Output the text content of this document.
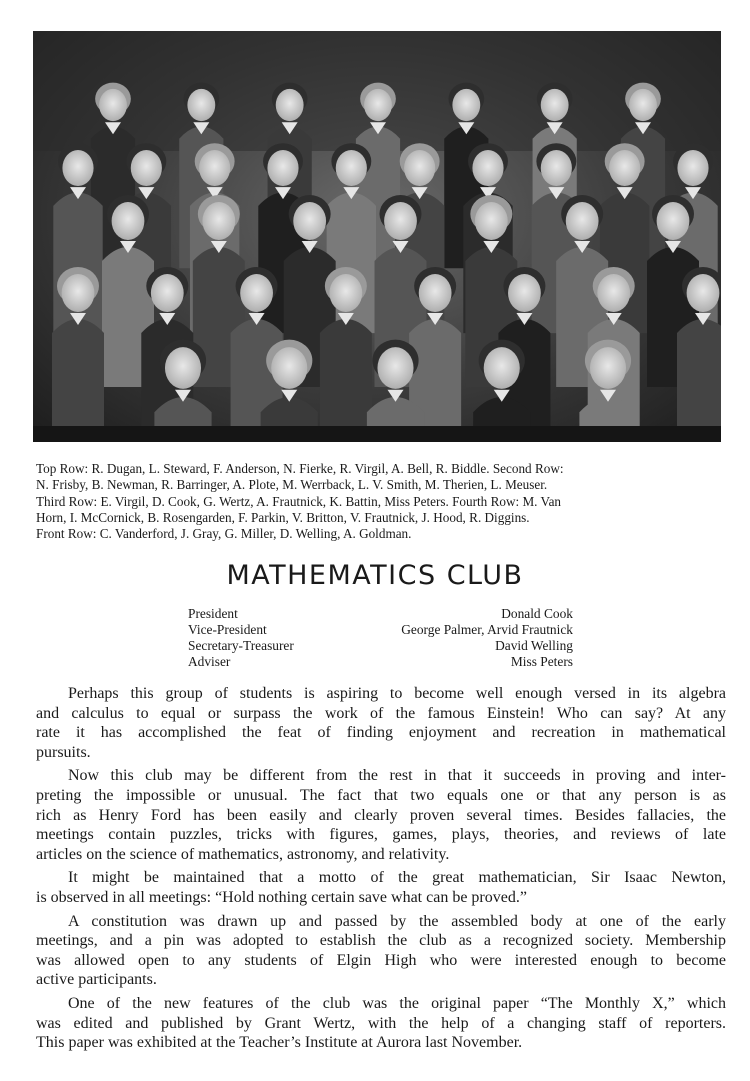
Top Row: R. Dugan, L. Steward, F. Anderson, N. Fierke, R. Virgil, A. Bell, R. Biddle. Second Row:
N. Frisby, B. Newman, R. Barringer, A. Plote, M. Werrback, L. V. Smith, M. Therien, L. Meuser.
Third Row: E. Virgil, D. Cook, G. Wertz, A. Frautnick, K. Battin, Miss Peters. Fourth Row: M. Van
Horn, I. McCornick, B. Rosengarden, F. Parkin, V. Britton, V. Frautnick, J. Hood, R. Diggins.
Front Row: C. Vanderford, J. Gray, G. Miller, D. Welling, A. Goldman.
MATHEMATICS CLUB
President	Donald Cook
Vice-President	George Palmer, Arvid Frautnick
Secretary-Treasurer	David Welling
Adviser	Miss Peters

Perhaps this group of students is aspiring to become well enough versed in its algebra
and calculus to equal or surpass the work of the famous Einstein! Who can say? At any
rate it has accomplished the feat of finding enjoyment and recreation in mathematical
pursuits.

Now this club may be different from the rest in that it succeeds in proving and inter-
preting the impossible or unusual. The fact that two equals one or that any person is as
rich as Henry Ford has been easily and clearly proven several times. Besides fallacies, the
meetings contain puzzles, tricks with figures, games, plays, theories, and reviews of late
articles on the science of mathematics, astronomy, and relativity.

It might be maintained that a motto of the great mathematician, Sir Isaac Newton,
is observed in all meetings: “Hold nothing certain save what can be proved.”

A constitution was drawn up and passed by the assembled body at one of the early
meetings, and a pin was adopted to establish the club as a recognized society. Membership
was allowed open to any students of Elgin High who were interested enough to become
active participants.

One of the new features of the club was the original paper “The Monthly X,” which
was edited and published by Grant Wertz, with the help of a changing staff of reporters.
This paper was exhibited at the Teacher’s Institute at Aurora last November.
